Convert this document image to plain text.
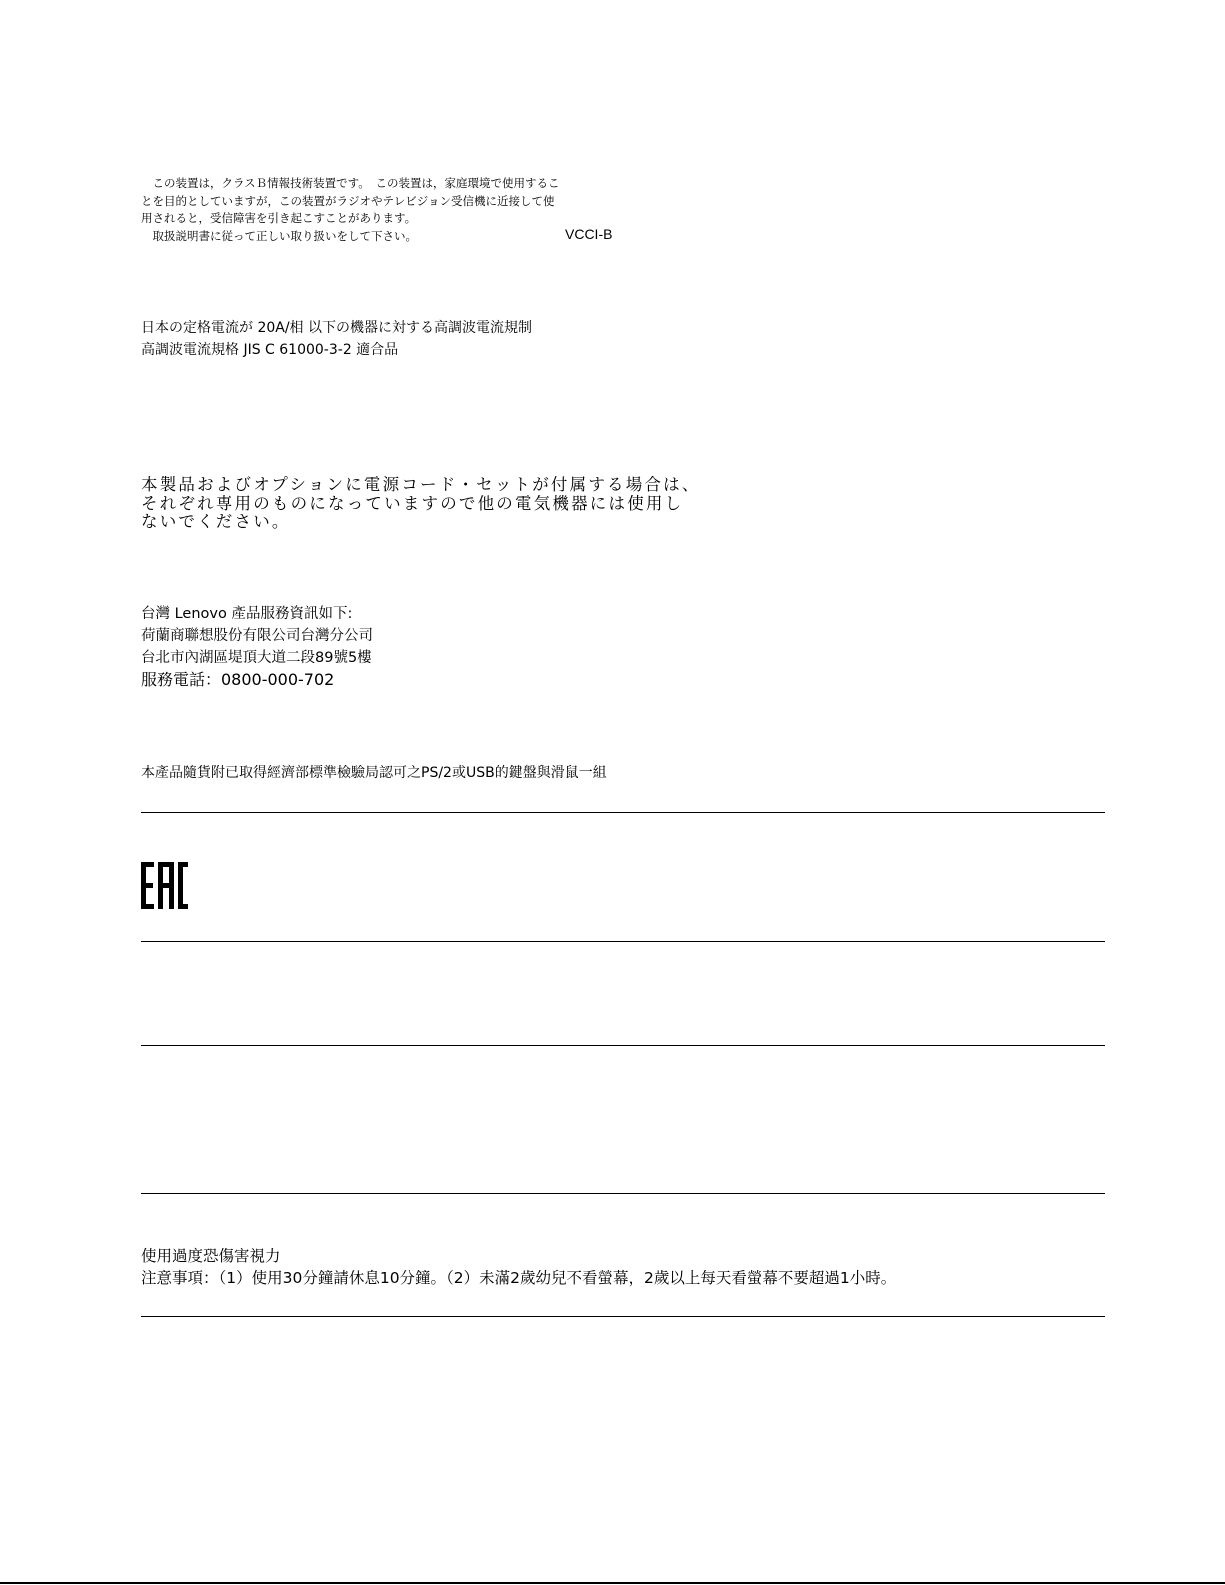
　この装置は，クラスＢ情報技術装置です。　この装置は，家庭環境で使用するこ
とを目的としていますが，この装置がラジオやテレビジョン受信機に近接して使
用されると，受信障害を引き起こすことがあります。
　取扱説明書に従って正しい取り扱いをして下さい。	VCCI-B
日本の定格電流が 20A/相 以下の機器に対する高調波電流規制
高調波電流規格 JIS C 61000-3-2 適合品
本製品およびオプションに電源コード・セットが付属する場合は、
それぞれ専用のものになっていますので他の電気機器には使用し
ないでください。
台灣 Lenovo 產品服務資訊如下:
荷蘭商聯想股份有限公司台灣分公司
台北市內湖區堤頂大道二段89號5樓
服務電話：0800-000-702
本產品隨貨附已取得經濟部標準檢驗局認可之PS/2或USB的鍵盤與滑鼠一組
使用過度恐傷害視力
注意事項：（1）使用30分鐘請休息10分鐘。（2）未滿2歲幼兒不看螢幕，2歲以上每天看螢幕不要超過1小時。
